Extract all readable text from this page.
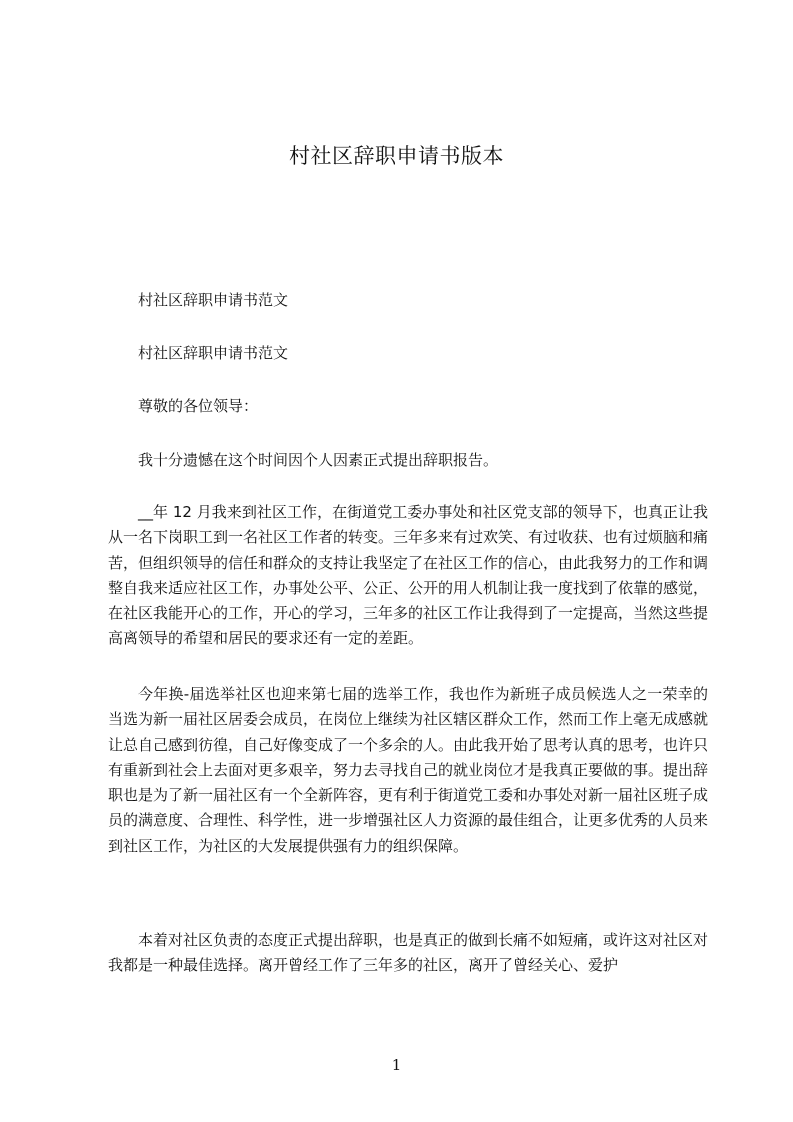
村社区辞职申请书版本
村社区辞职申请书范文
村社区辞职申请书范文
尊敬的各位领导：
我十分遗憾在这个时间因个人因素正式提出辞职报告。
__年 12 月我来到社区工作，在街道党工委办事处和社区党支部的领导下，也真正让我从一名下岗职工到一名社区工作者的转变。三年多来有过欢笑、有过收获、也有过烦脑和痛苦，但组织领导的信任和群众的支持让我坚定了在社区工作的信心，由此我努力的工作和调整自我来适应社区工作，办事处公平、公正、公开的用人机制让我一度找到了依靠的感觉，在社区我能开心的工作，开心的学习，三年多的社区工作让我得到了一定提高，当然这些提高离领导的希望和居民的要求还有一定的差距。
今年换-届选举社区也迎来第七届的选举工作，我也作为新班子成员候选人之一荣幸的当选为新一届社区居委会成员，在岗位上继续为社区辖区群众工作，然而工作上毫无成感就让总自己感到彷徨，自己好像变成了一个多余的人。由此我开始了思考认真的思考，也许只有重新到社会上去面对更多艰辛，努力去寻找自己的就业岗位才是我真正要做的事。提出辞职也是为了新一届社区有一个全新阵容，更有利于街道党工委和办事处对新一届社区班子成员的满意度、合理性、科学性，进一步增强社区人力资源的最佳组合，让更多优秀的人员来到社区工作，为社区的大发展提供强有力的组织保障。
本着对社区负责的态度正式提出辞职，也是真正的做到长痛不如短痛，或许这对社区对我都是一种最佳选择。离开曾经工作了三年多的社区，离开了曾经关心、爱护
1
